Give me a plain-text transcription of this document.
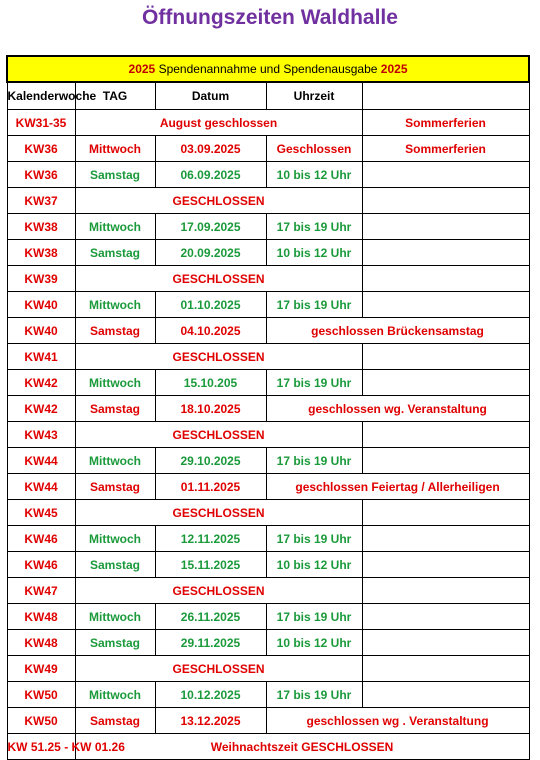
Öffnungszeiten Waldhalle
2025 Spendenannahme und Spendenausgabe 2025				
Kalenderwoche	TAG	Datum	Uhrzeit	
KW31-35	August geschlossen			Sommerferien
KW36	Mittwoch	03.09.2025	Geschlossen	Sommerferien
KW36	Samstag	06.09.2025	10 bis 12 Uhr	
KW37	GESCHLOSSEN			
KW38	Mittwoch	17.09.2025	17 bis 19 Uhr	
KW38	Samstag	20.09.2025	10 bis 12 Uhr	
KW39	GESCHLOSSEN			
KW40	Mittwoch	01.10.2025	17 bis 19 Uhr	
KW40	Samstag	04.10.2025	geschlossen Brückensamstag	
KW41	GESCHLOSSEN			
KW42	Mittwoch	15.10.205	17 bis 19 Uhr	
KW42	Samstag	18.10.2025	geschlossen wg. Veranstaltung	
KW43	GESCHLOSSEN			
KW44	Mittwoch	29.10.2025	17 bis 19 Uhr	
KW44	Samstag	01.11.2025	geschlossen Feiertag / Allerheiligen	
KW45	GESCHLOSSEN			
KW46	Mittwoch	12.11.2025	17 bis 19 Uhr	
KW46	Samstag	15.11.2025	10 bis 12 Uhr	
KW47	GESCHLOSSEN			
KW48	Mittwoch	26.11.2025	17 bis 19 Uhr	
KW48	Samstag	29.11.2025	10 bis 12 Uhr	
KW49	GESCHLOSSEN			
KW50	Mittwoch	10.12.2025	17 bis 19 Uhr	
KW50	Samstag	13.12.2025	geschlossen wg . Veranstaltung	
KW 51.25 - KW 01.26	Weihnachtszeit GESCHLOSSEN			
